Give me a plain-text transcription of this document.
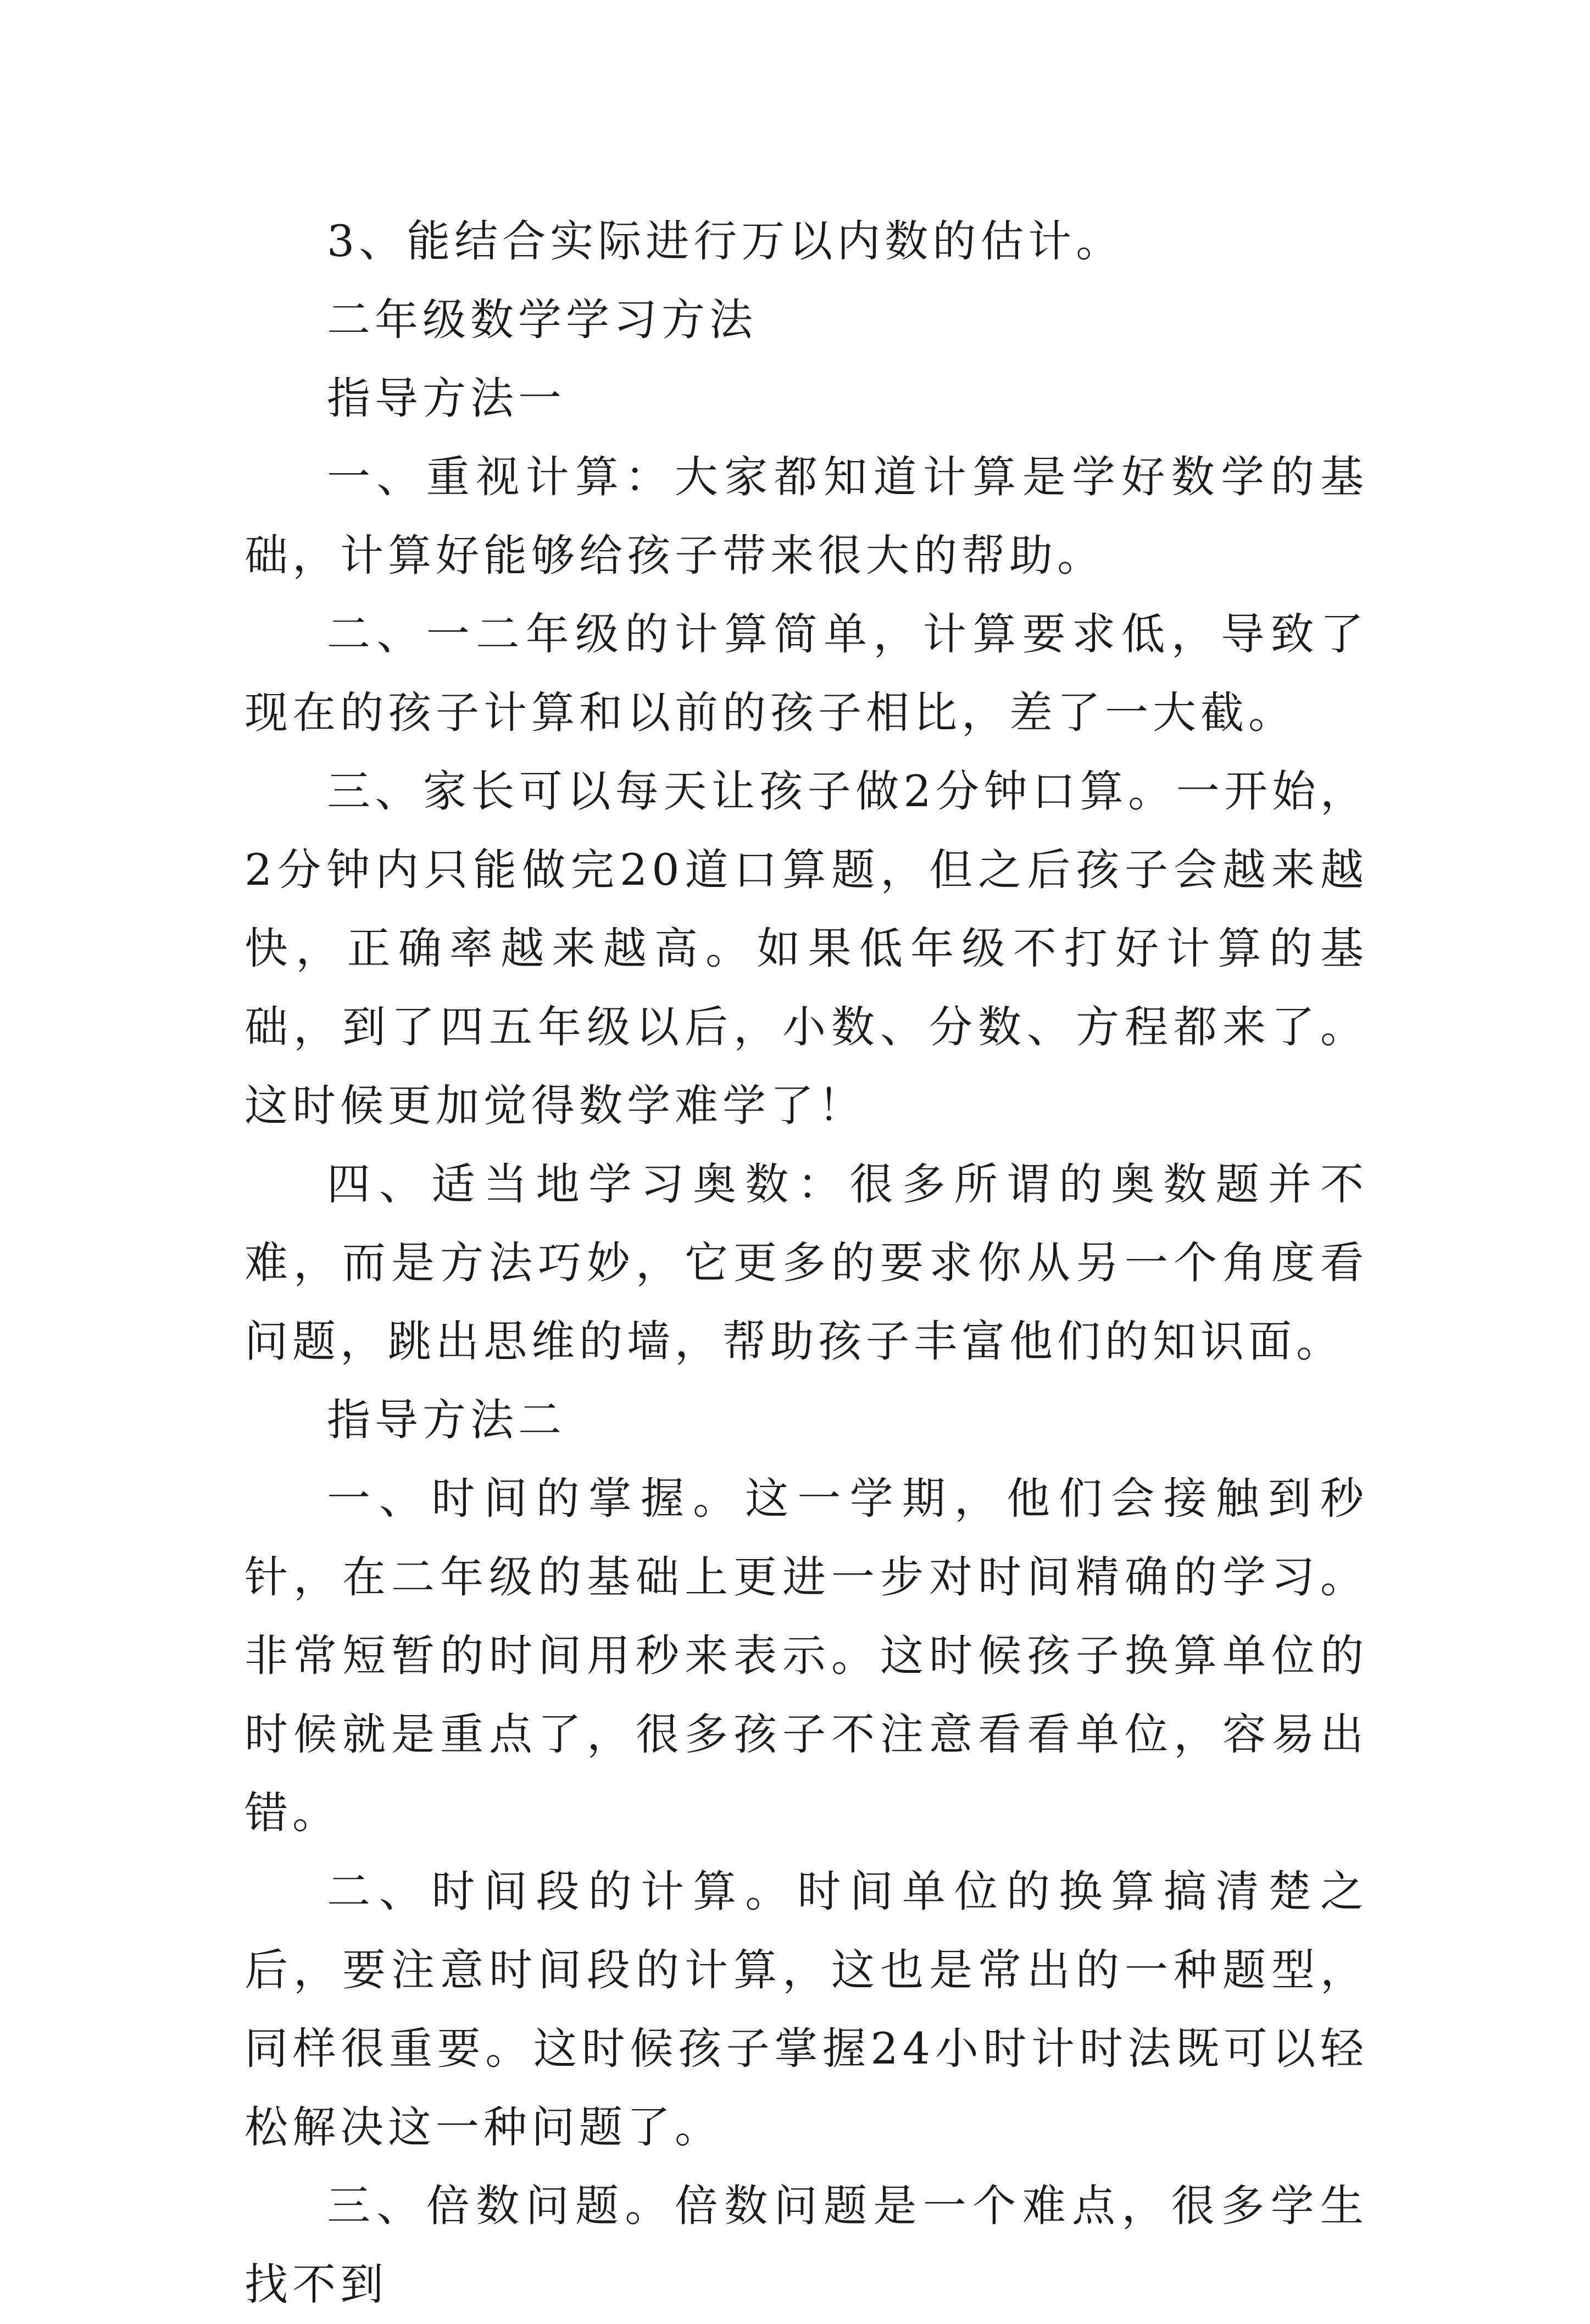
3、能结合实际进行万以内数的估计。

二年级数学学习方法

指导方法一

一、重视计算：大家都知道计算是学好数学的基础，计算好能够给孩子带来很大的帮助。

二、一二年级的计算简单，计算要求低，导致了现在的孩子计算和以前的孩子相比，差了一大截。

三、家长可以每天让孩子做2分钟口算。一开始，2分钟内只能做完20道口算题，但之后孩子会越来越快，正确率越来越高。如果低年级不打好计算的基础，到了四五年级以后，小数、分数、方程都来了。这时候更加觉得数学难学了！

四、适当地学习奥数：很多所谓的奥数题并不难，而是方法巧妙，它更多的要求你从另一个角度看问题，跳出思维的墙，帮助孩子丰富他们的知识面。

指导方法二

一、时间的掌握。这一学期，他们会接触到秒针，在二年级的基础上更进一步对时间精确的学习。非常短暂的时间用秒来表示。这时候孩子换算单位的时候就是重点了，很多孩子不注意看看单位，容易出错。

二、时间段的计算。时间单位的换算搞清楚之后，要注意时间段的计算，这也是常出的一种题型，同样很重要。这时候孩子掌握24小时计时法既可以轻松解决这一种问题了。

三、倍数问题。倍数问题是一个难点，很多学生找不到
